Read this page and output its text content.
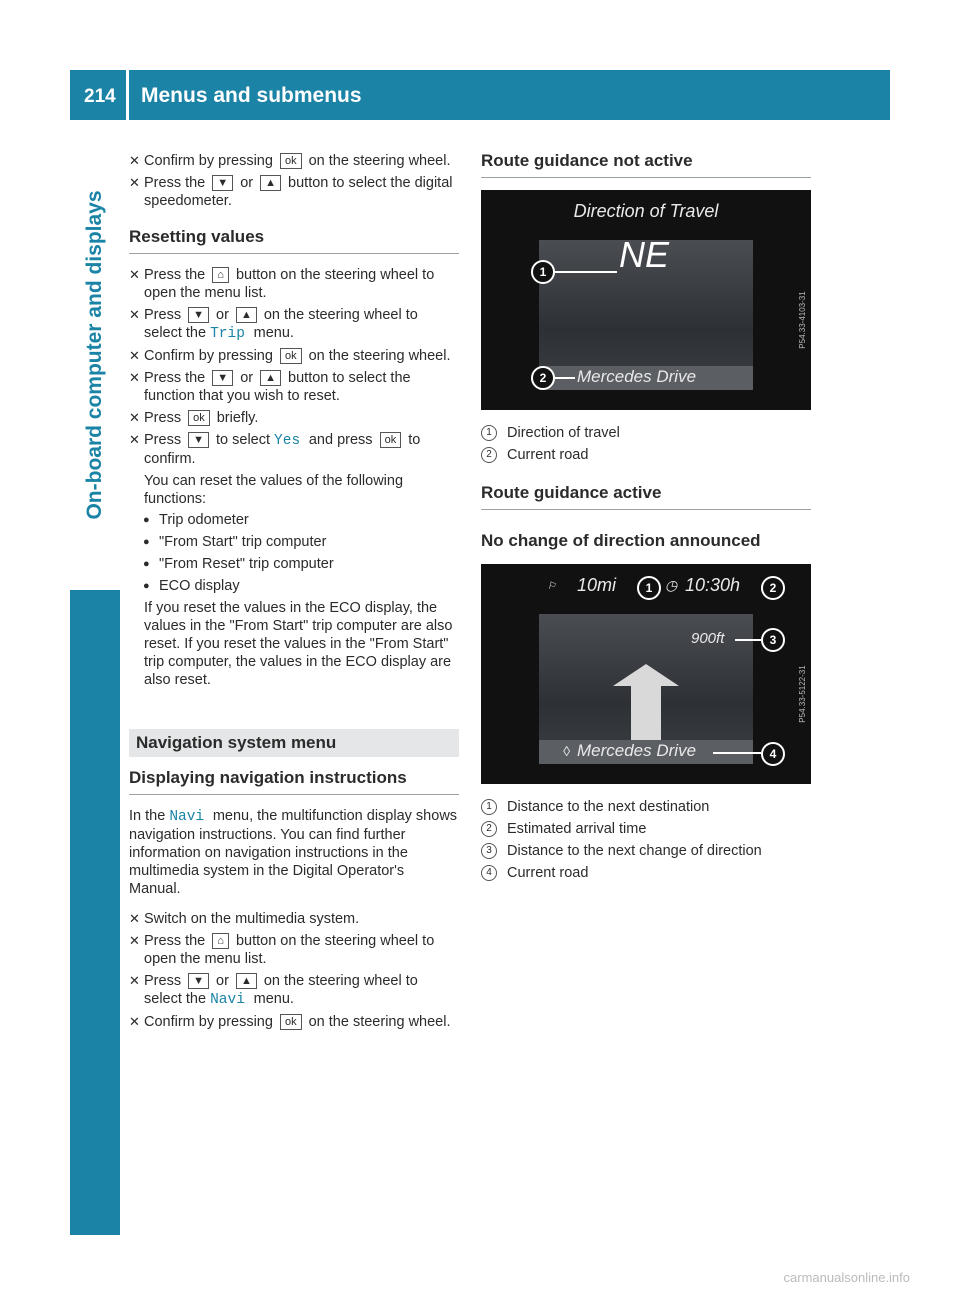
214 Menus and submenus
On-board computer and displays
✕ Confirm by pressing ok on the steering wheel.
✕ Press the ▼ or ▲ button to select the digital speedometer.
Resetting values
✕ Press the ⌂ button on the steering wheel to open the menu list.
✕ Press ▼ or ▲ on the steering wheel to select the Trip menu.
✕ Confirm by pressing ok on the steering wheel.
✕ Press the ▼ or ▲ button to select the function that you wish to reset.
✕ Press ok briefly.
✕ Press ▼ to select Yes and press ok to confirm.
You can reset the values of the following functions:
● Trip odometer
● "From Start" trip computer
● "From Reset" trip computer
● ECO display
If you reset the values in the ECO display, the values in the "From Start" trip computer are also reset. If you reset the values in the "From Start" trip computer, the values in the ECO display are also reset.
Navigation system menu
Displaying navigation instructions
In the Navi menu, the multifunction display shows navigation instructions. You can find further information on navigation instructions in the multimedia system in the Digital Operator's Manual.
✕ Switch on the multimedia system.
✕ Press the ⌂ button on the steering wheel to open the menu list.
✕ Press ▼ or ▲ on the steering wheel to select the Navi menu.
✕ Confirm by pressing ok on the steering wheel.
Route guidance not active
Direction of Travel
1 NE
2	Mercedes Drive
P54.33-4103-31
1	Direction of travel
2	Current road
Route guidance active
No change of direction announced
⚐ 10mi	1 ◷ 10:30h	2
900ft	3
◊ Mercedes Drive	4
P54.33-5122-31
1	Distance to the next destination
2	Estimated arrival time
3	Distance to the next change of direction
4	Current road
carmanualsonline.info
